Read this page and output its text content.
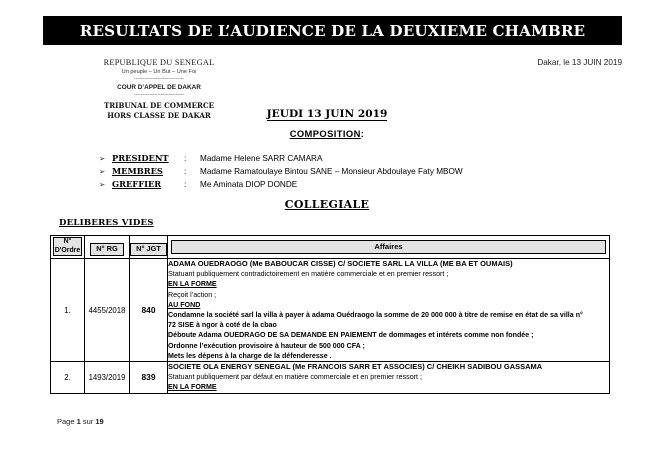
RESULTATS DE L’AUDIENCE DE LA DEUXIEME CHAMBRE
REPUBLIQUE DU SENEGAL
Un peuple – Un But – Une Foi
------------------------------
COUR D’APPEL DE DAKAR
------------------------------
TRIBUNAL DE COMMERCE
HORS CLASSE DE DAKAR
Dakar, le 13 JUIN 2019
JEUDI 13 JUIN 2019
COMPOSITION:
➢ PRESIDENT	:	Madame Helene SARR CAMARA
➢ MEMBRES	:	Madame Ramatoulaye Bintou SANE – Monsieur Abdoulaye Faty MBOW
➢ GREFFIER	:	Me Aminata DIOP DONDE
COLLEGIALE
DELIBERES VIDES
N°
D'Ordre	N° RG	N° JGT	Affaires

1.	4455/2018	840	
ADAMA OUEDRAOGO (Me BABOUCAR CISSE) C/ SOCIETE SARL LA VILLA (ME BA ET OUMAIS)
Statuant publiquement contradictoirement en matière commerciale et en premier ressort ;
EN LA FORME
Reçoit l’action ;
AU FOND
Condamne la société sarl la villa à payer à adama Ouédraogo la somme de 20 000 000 à titre de remise en état de sa villa n°
72 SISE à ngor à coté de la cbao
Déboute Adama OUEDRAGO DE SA DEMANDE EN PAIEMENT de dommages et intérets comme non fondée ;
Ordonne l’exécution provisoire à hauteur de 500 000 CFA ;
Mets les dépens à la charge de la défenderesse .

2.	1493/2019	839	SOCIETE OLA ENERGY SENEGAL (Me FRANCOIS SARR ET ASSOCIES) C/ CHEIKH SADIBOU GASSAMA
Statuant publiquement par défaut en matière commerciale et en premier ressort ;
EN LA FORME
Page 1 sur 19
